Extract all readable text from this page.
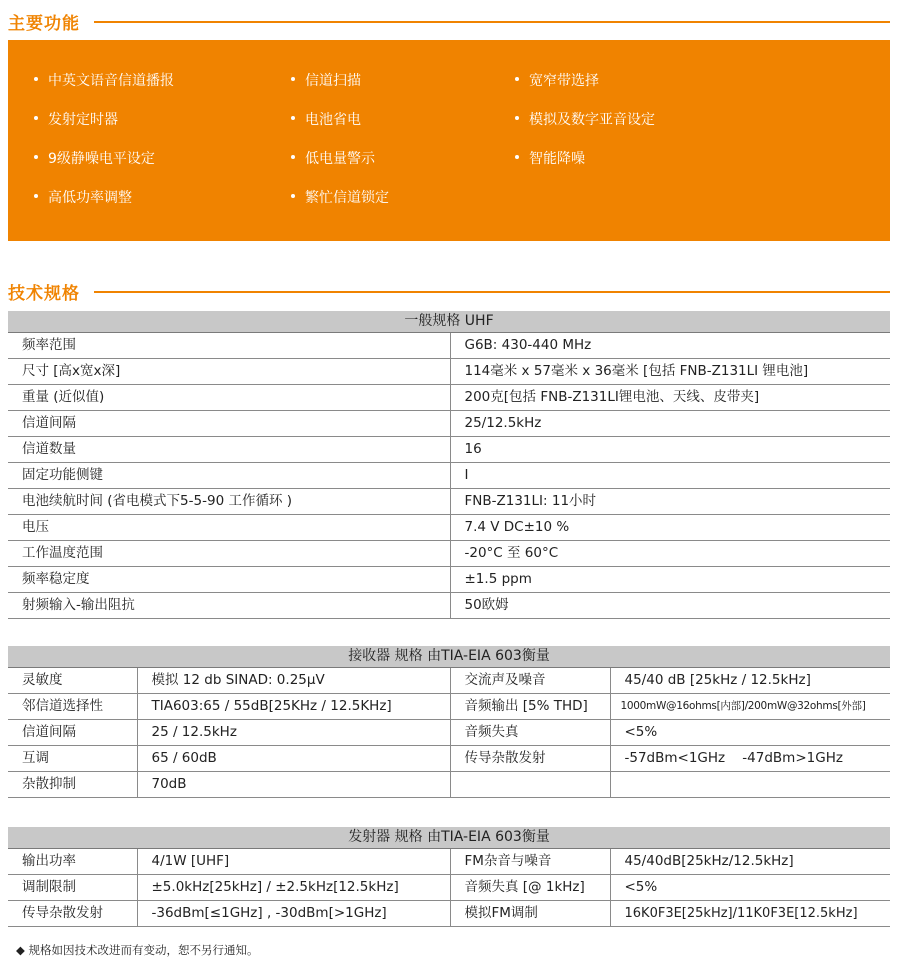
主要功能
中英文语音信道播报
发射定时器
9级静噪电平设定
高低功率调整
信道扫描
电池省电
低电量警示
繁忙信道锁定
宽窄带选择
模拟及数字亚音设定
智能降噪
技术规格
一般规格 UHF	
频率范围	G6B: 430-440 MHz
尺寸 [高x宽x深]	114毫米 x 57毫米 x 36毫米 [包括 FNB-Z131LI 锂电池]
重量 (近似值)	200克[包括 FNB-Z131LI锂电池、天线、皮带夹]
信道间隔	25/12.5kHz
信道数量	16
固定功能侧键	I
电池续航时间 (省电模式下5-5-90 工作循环 )	FNB-Z131LI: 11小时
电压	7.4 V DC±10 %
工作温度范围	-20°C 至 60°C
频率稳定度	±1.5 ppm
射频输入-输出阻抗	50欧姆
接收器 规格 由TIA-EIA 603衡量			
灵敏度	模拟 12 db SINAD: 0.25μV	交流声及噪音	45/40 dB [25kHz / 12.5kHz]
邻信道选择性	TIA603:65 / 55dB[25KHz / 12.5KHz]	音频输出 [5% THD]	1000mW@16ohms[内部]/200mW@32ohms[外部]
信道间隔	25 / 12.5kHz	音频失真	<5%
互调	65 / 60dB	传导杂散发射	-57dBm<1GHz    -47dBm>1GHz
杂散抑制	70dB		
发射器 规格 由TIA-EIA 603衡量			
输出功率	4/1W [UHF]	FM杂音与噪音	45/40dB[25kHz/12.5kHz]
调制限制	±5.0kHz[25kHz] / ±2.5kHz[12.5kHz]	音频失真 [@ 1kHz]	<5%
传导杂散发射	-36dBm[≤1GHz] , -30dBm[>1GHz]	模拟FM调制	16K0F3E[25kHz]/11K0F3E[12.5kHz]
◆ 规格如因技术改进而有变动，恕不另行通知。
